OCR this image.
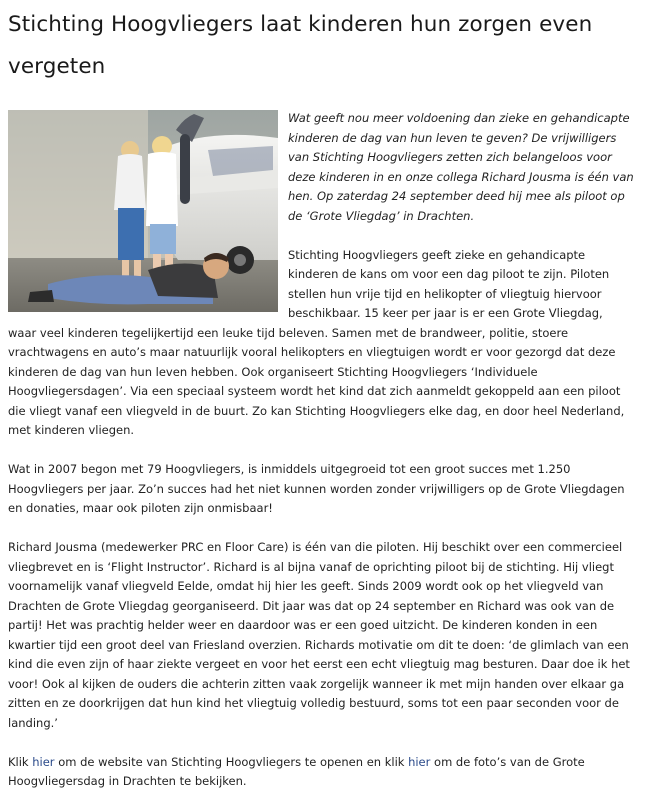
Stichting Hoogvliegers laat kinderen hun zorgen even vergeten

Wat geeft nou meer voldoening dan zieke en gehandicapte kinderen de dag van hun leven te geven? De vrijwilligers van Stichting Hoogvliegers zetten zich belangeloos voor deze kinderen in en onze collega Richard Jousma is één van hen. Op zaterdag 24 september deed hij mee als piloot op de ‘Grote Vliegdag’ in Drachten.

Stichting Hoogvliegers geeft zieke en gehandicapte kinderen de kans om voor een dag piloot te zijn. Piloten stellen hun vrije tijd en helikopter of vliegtuig hiervoor beschikbaar. 15 keer per jaar is er een Grote Vliegdag, waar veel kinderen tegelijkertijd een leuke tijd beleven. Samen met de brandweer, politie, stoere vrachtwagens en auto’s maar natuurlijk vooral helikopters en vliegtuigen wordt er voor gezorgd dat deze kinderen de dag van hun leven hebben. Ook organiseert Stichting Hoogvliegers ‘Individuele Hoogvliegersdagen’. Via een speciaal systeem wordt het kind dat zich aanmeldt gekoppeld aan een piloot die vliegt vanaf een vliegveld in de buurt. Zo kan Stichting Hoogvliegers elke dag, en door heel Nederland, met kinderen vliegen.

Wat in 2007 begon met 79 Hoogvliegers, is inmiddels uitgegroeid tot een groot succes met 1.250 Hoogvliegers per jaar. Zo’n succes had het niet kunnen worden zonder vrijwilligers op de Grote Vliegdagen en donaties, maar ook piloten zijn onmisbaar!

Richard Jousma (medewerker PRC en Floor Care) is één van die piloten. Hij beschikt over een commercieel vliegbrevet en is ‘Flight Instructor’. Richard is al bijna vanaf de oprichting piloot bij de stichting. Hij vliegt voornamelijk vanaf vliegveld Eelde, omdat hij hier les geeft. Sinds 2009 wordt ook op het vliegveld van Drachten de Grote Vliegdag georganiseerd. Dit jaar was dat op 24 september en Richard was ook van de partij! Het was prachtig helder weer en daardoor was er een goed uitzicht. De kinderen konden in een kwartier tijd een groot deel van Friesland overzien. Richards motivatie om dit te doen: ‘de glimlach van een kind die even zijn of haar ziekte vergeet en voor het eerst een echt vliegtuig mag besturen. Daar doe ik het voor! Ook al kijken de ouders die achterin zitten vaak zorgelijk wanneer ik met mijn handen over elkaar ga zitten en ze doorkrijgen dat hun kind het vliegtuig volledig bestuurd, soms tot een paar seconden voor de landing.’

Klik hier om de website van Stichting Hoogvliegers te openen en klik hier om de foto’s van de Grote Hoogvliegersdag in Drachten te bekijken.
